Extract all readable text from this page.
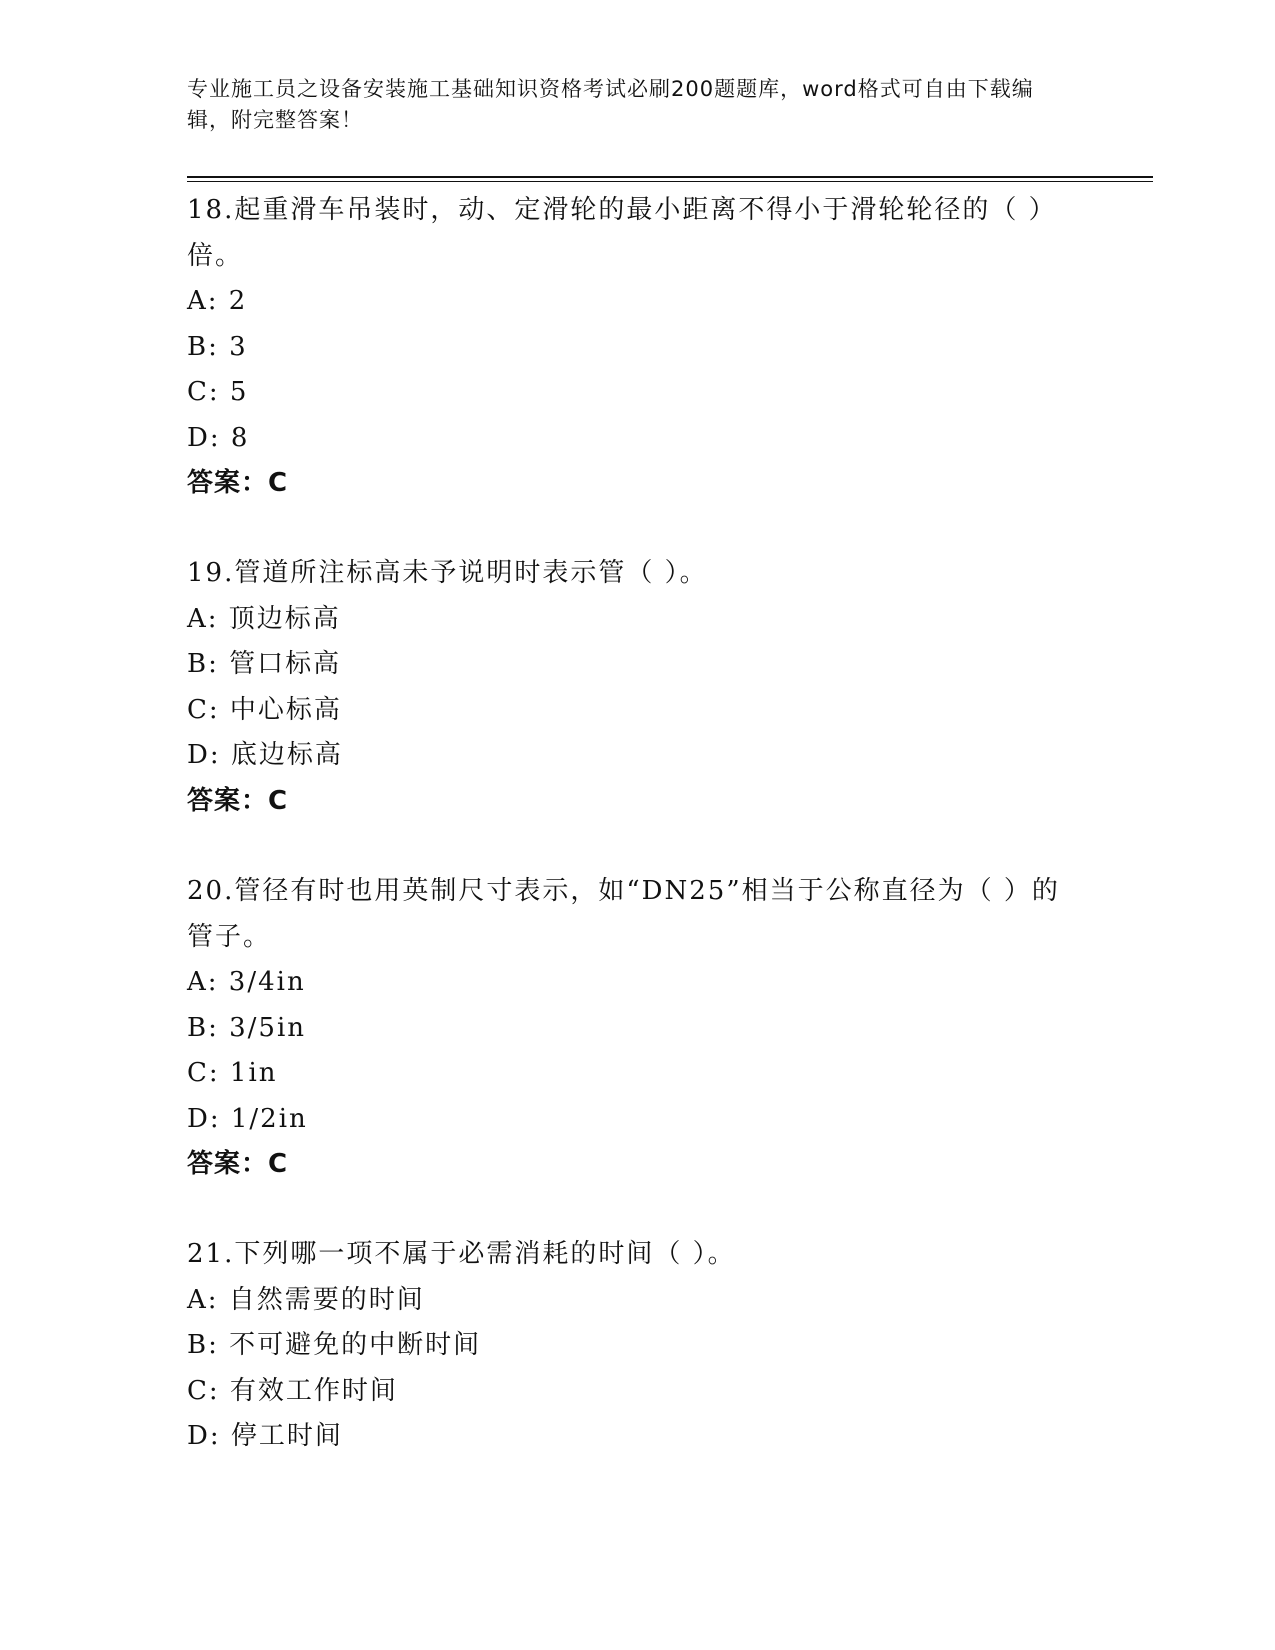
专业施工员之设备安装施工基础知识资格考试必刷200题题库，word格式可自由下载编辑，附完整答案！

18.起重滑车吊装时，动、定滑轮的最小距离不得小于滑轮轮径的（ ）倍。

A: 2

B: 3

C: 5

D: 8

答案：C

19.管道所注标高未予说明时表示管（ ）。

A: 顶边标高

B: 管口标高

C: 中心标高

D: 底边标高

答案：C

20.管径有时也用英制尺寸表示，如“DN25”相当于公称直径为（ ）的管子。

A: 3/4in

B: 3/5in

C: 1in

D: 1/2in

答案：C

21.下列哪一项不属于必需消耗的时间（ ）。

A: 自然需要的时间

B: 不可避免的中断时间

C: 有效工作时间

D: 停工时间
